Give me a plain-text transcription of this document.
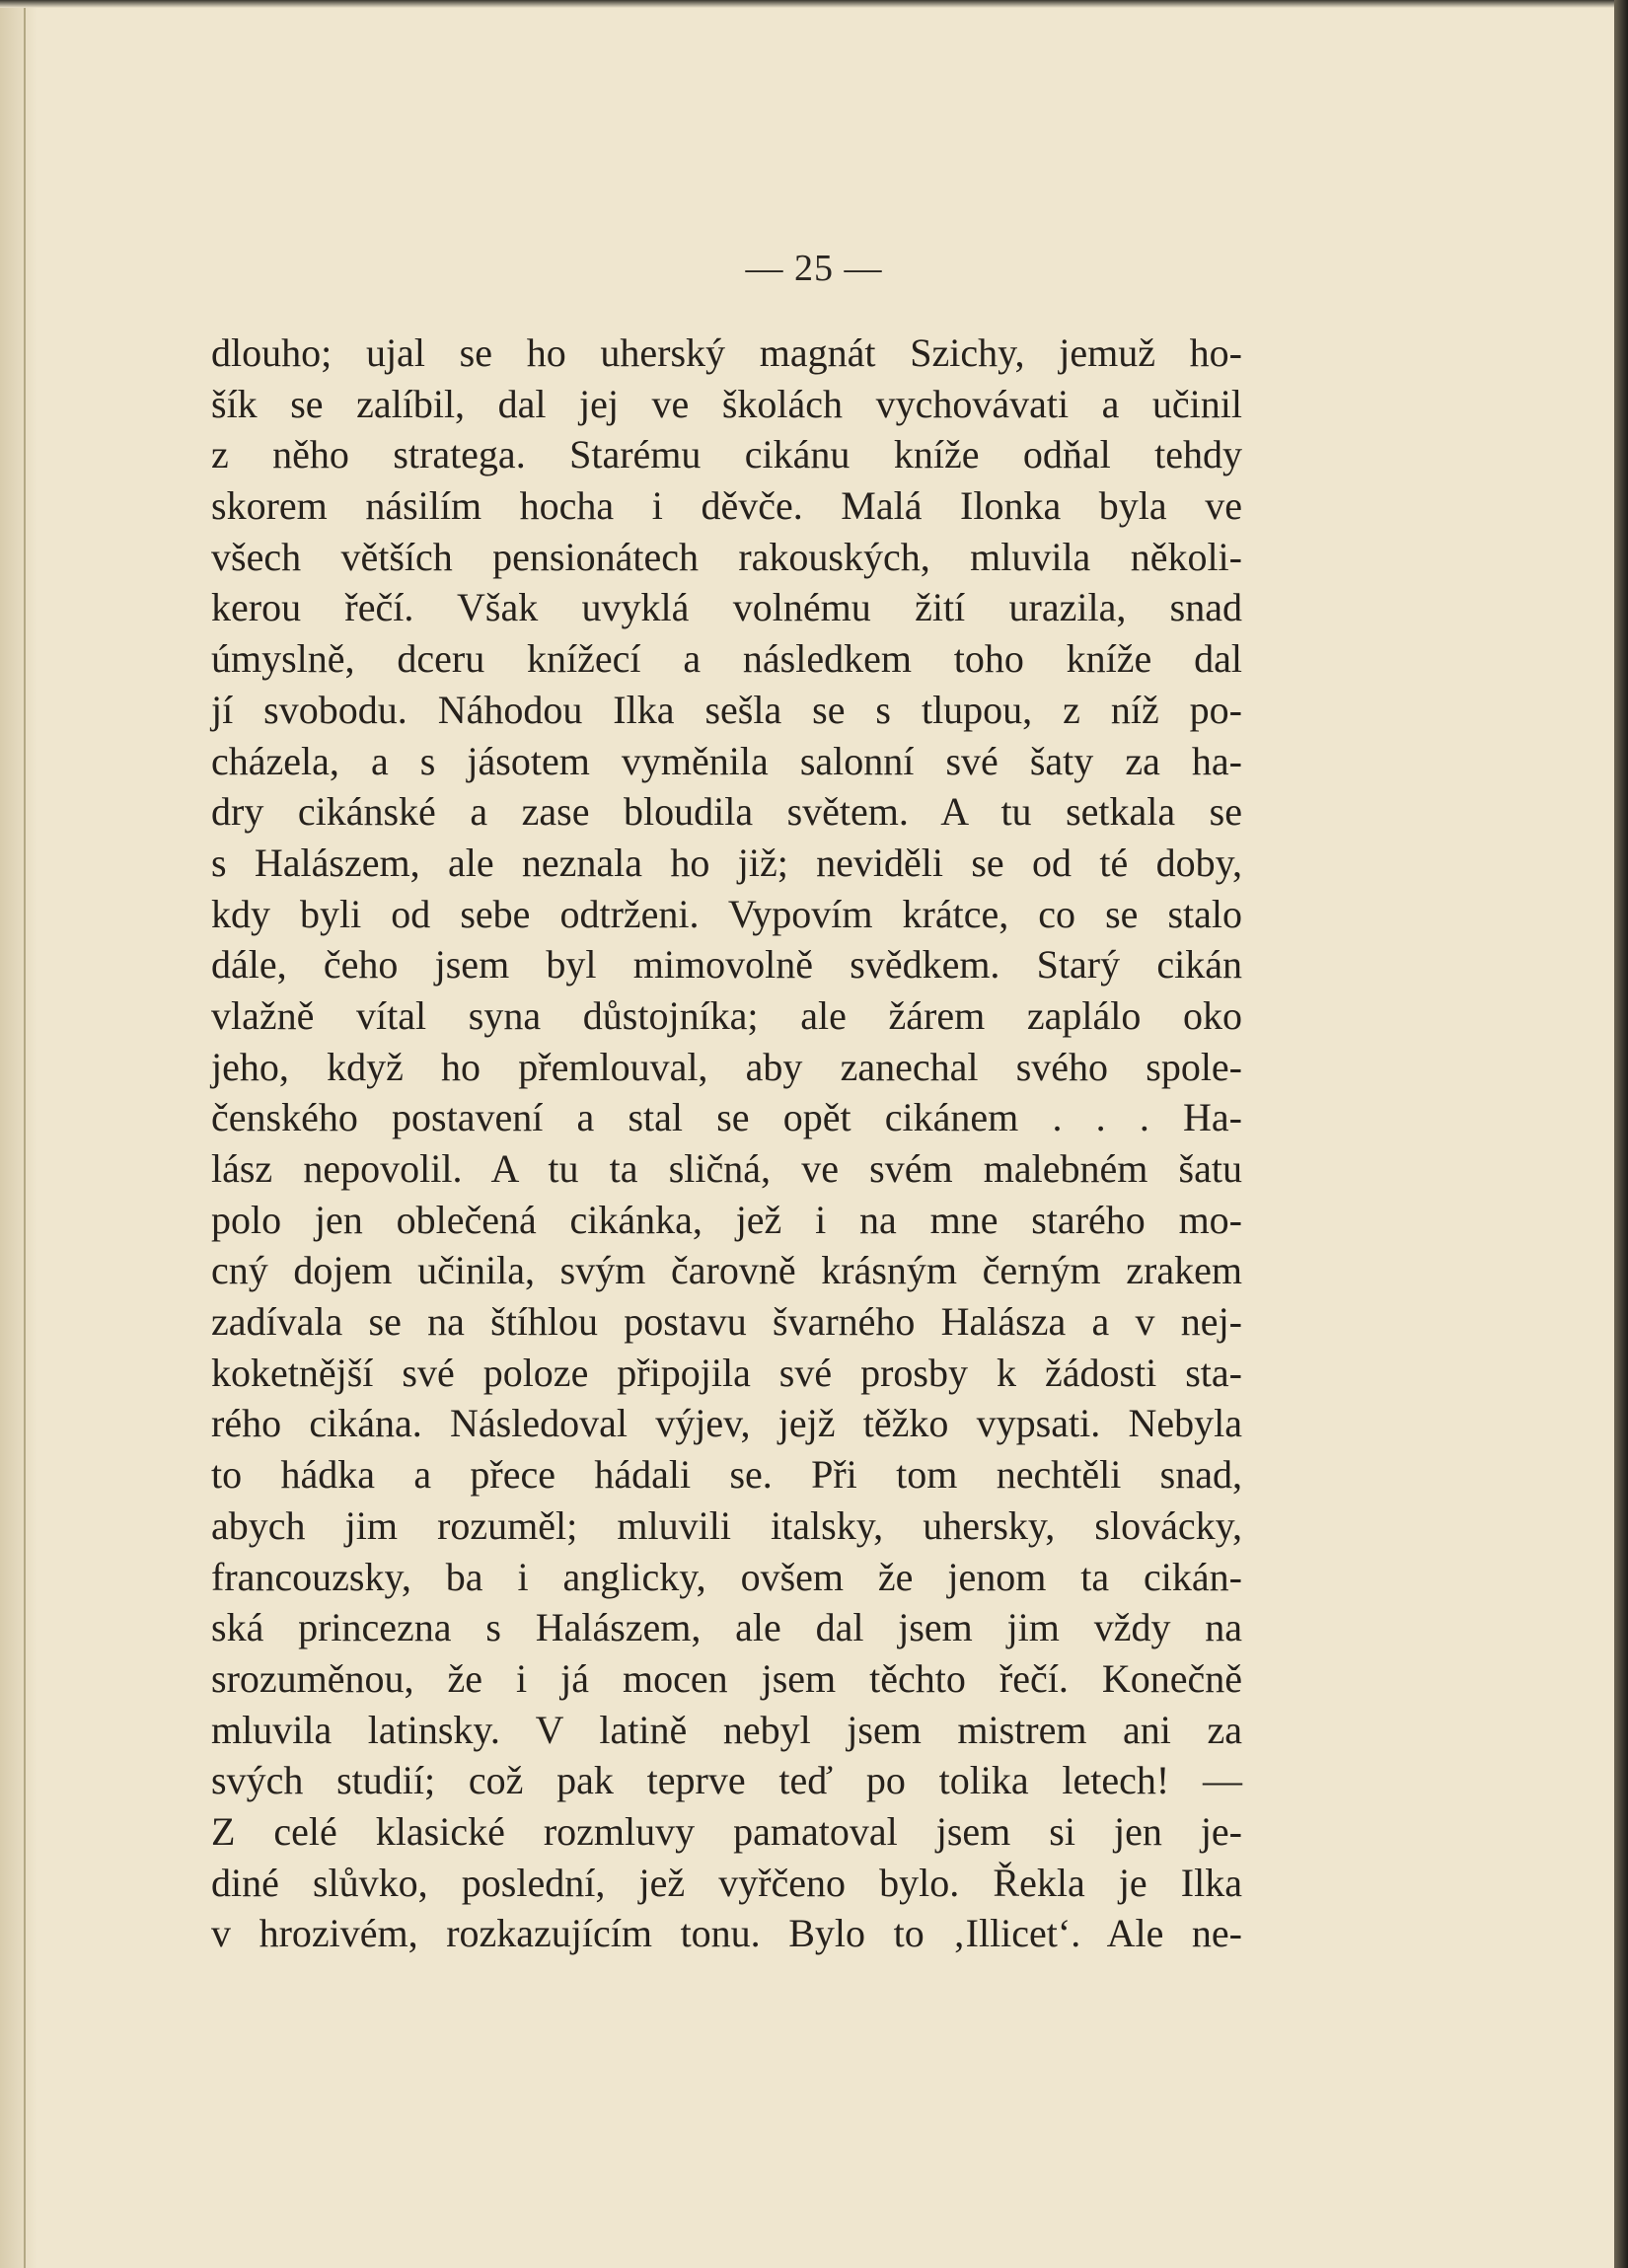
— 25 —
dlouho; ujal se ho uherský magnát Szichy, jemuž ho-
šík se zalíbil, dal jej ve školách vychovávati a učinil
z něho stratega. Starému cikánu kníže odňal tehdy
skorem násilím hocha i děvče. Malá Ilonka byla ve
všech větších pensionátech rakouských, mluvila několi-
kerou řečí. Však uvyklá volnému žití urazila, snad
úmyslně, dceru knížecí a následkem toho kníže dal
jí svobodu. Náhodou Ilka sešla se s tlupou, z níž po-
cházela, a s jásotem vyměnila salonní své šaty za ha-
dry cikánské a zase bloudila světem. A tu setkala se
s Halászem, ale neznala ho již; neviděli se od té doby,
kdy byli od sebe odtrženi. Vypovím krátce, co se stalo
dále, čeho jsem byl mimovolně svědkem. Starý cikán
vlažně vítal syna důstojníka; ale žárem zaplálo oko
jeho, když ho přemlouval, aby zanechal svého spole-
čenského postavení a stal se opět cikánem . . . Ha-
lász nepovolil. A tu ta sličná, ve svém malebném šatu
polo jen oblečená cikánka, jež i na mne starého mo-
cný dojem učinila, svým čarovně krásným černým zrakem
zadívala se na štíhlou postavu švarného Halásza a v nej-
koketnější své poloze připojila své prosby k žádosti sta-
rého cikána. Následoval výjev, jejž těžko vypsati. Nebyla
to hádka a přece hádali se. Při tom nechtěli snad,
abych jim rozuměl; mluvili italsky, uhersky, slovácky,
francouzsky, ba i anglicky, ovšem že jenom ta cikán-
ská princezna s Halászem, ale dal jsem jim vždy na
srozuměnou, že i já mocen jsem těchto řečí. Konečně
mluvila latinsky. V latině nebyl jsem mistrem ani za
svých studií; což pak teprve teď po tolika letech! —
Z celé klasické rozmluvy pamatoval jsem si jen je-
diné slůvko, poslední, jež vyřčeno bylo. Řekla je Ilka
v hrozivém, rozkazujícím tonu. Bylo to ‚Illicet‘. Ale ne-
